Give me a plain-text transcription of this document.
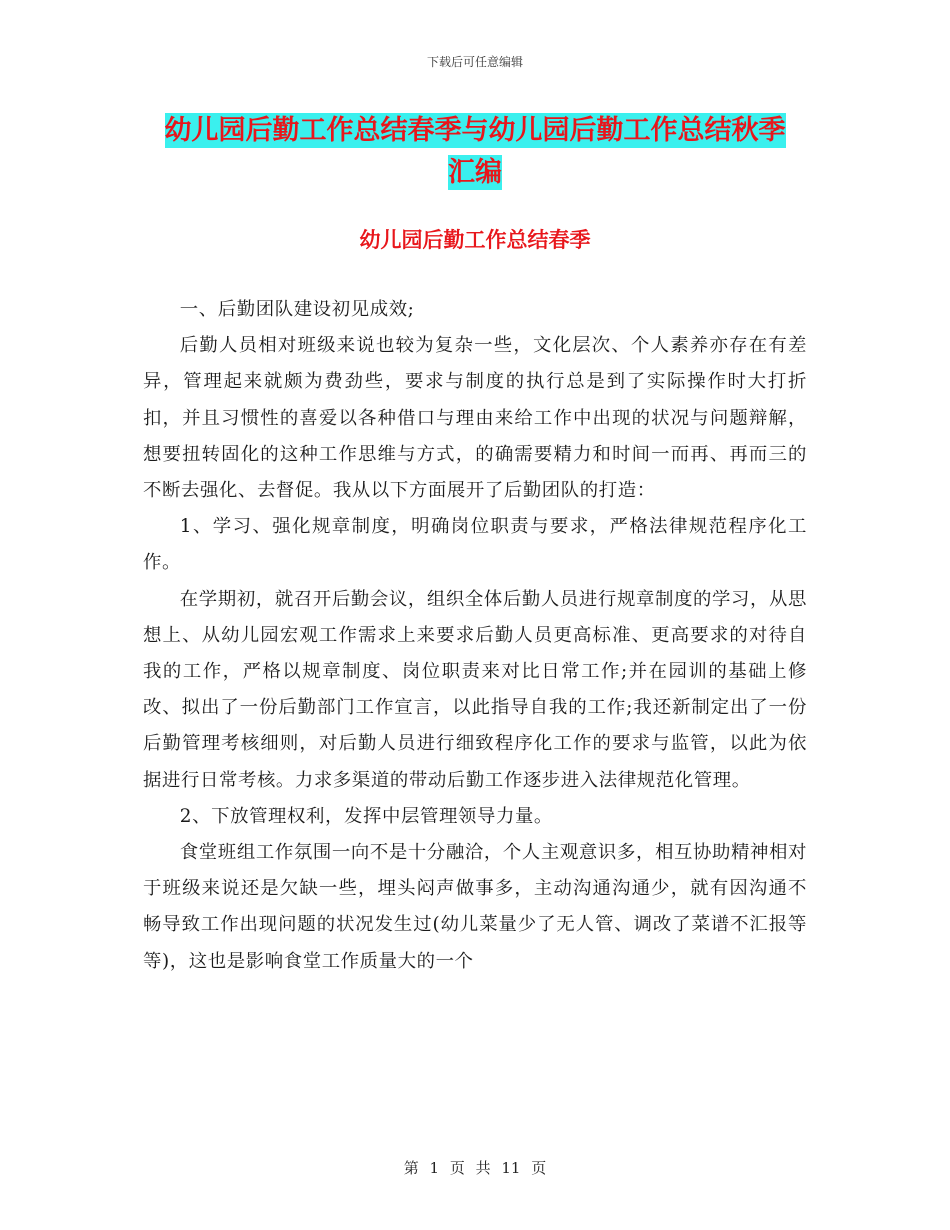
下载后可任意编辑
幼儿园后勤工作总结春季与幼儿园后勤工作总结秋季
汇编
幼儿园后勤工作总结春季

一、后勤团队建设初见成效;

后勤人员相对班级来说也较为复杂一些，文化层次、个人素养亦存在有差异，管理起来就颇为费劲些，要求与制度的执行总是到了实际操作时大打折扣，并且习惯性的喜爱以各种借口与理由来给工作中出现的状况与问题辩解，想要扭转固化的这种工作思维与方式，的确需要精力和时间一而再、再而三的不断去强化、去督促。我从以下方面展开了后勤团队的打造：

1、学习、强化规章制度，明确岗位职责与要求，严格法律规范程序化工作。

在学期初，就召开后勤会议，组织全体后勤人员进行规章制度的学习，从思想上、从幼儿园宏观工作需求上来要求后勤人员更高标准、更高要求的对待自我的工作，严格以规章制度、岗位职责来对比日常工作;并在园训的基础上修改、拟出了一份后勤部门工作宣言，以此指导自我的工作;我还新制定出了一份后勤管理考核细则，对后勤人员进行细致程序化工作的要求与监管，以此为依据进行日常考核。力求多渠道的带动后勤工作逐步进入法律规范化管理。

2、下放管理权利，发挥中层管理领导力量。

食堂班组工作氛围一向不是十分融洽，个人主观意识多，相互协助精神相对于班级来说还是欠缺一些，埋头闷声做事多，主动沟通沟通少，就有因沟通不畅导致工作出现问题的状况发生过(幼儿菜量少了无人管、调改了菜谱不汇报等等)，这也是影响食堂工作质量大的一个

第 1 页 共 11 页
